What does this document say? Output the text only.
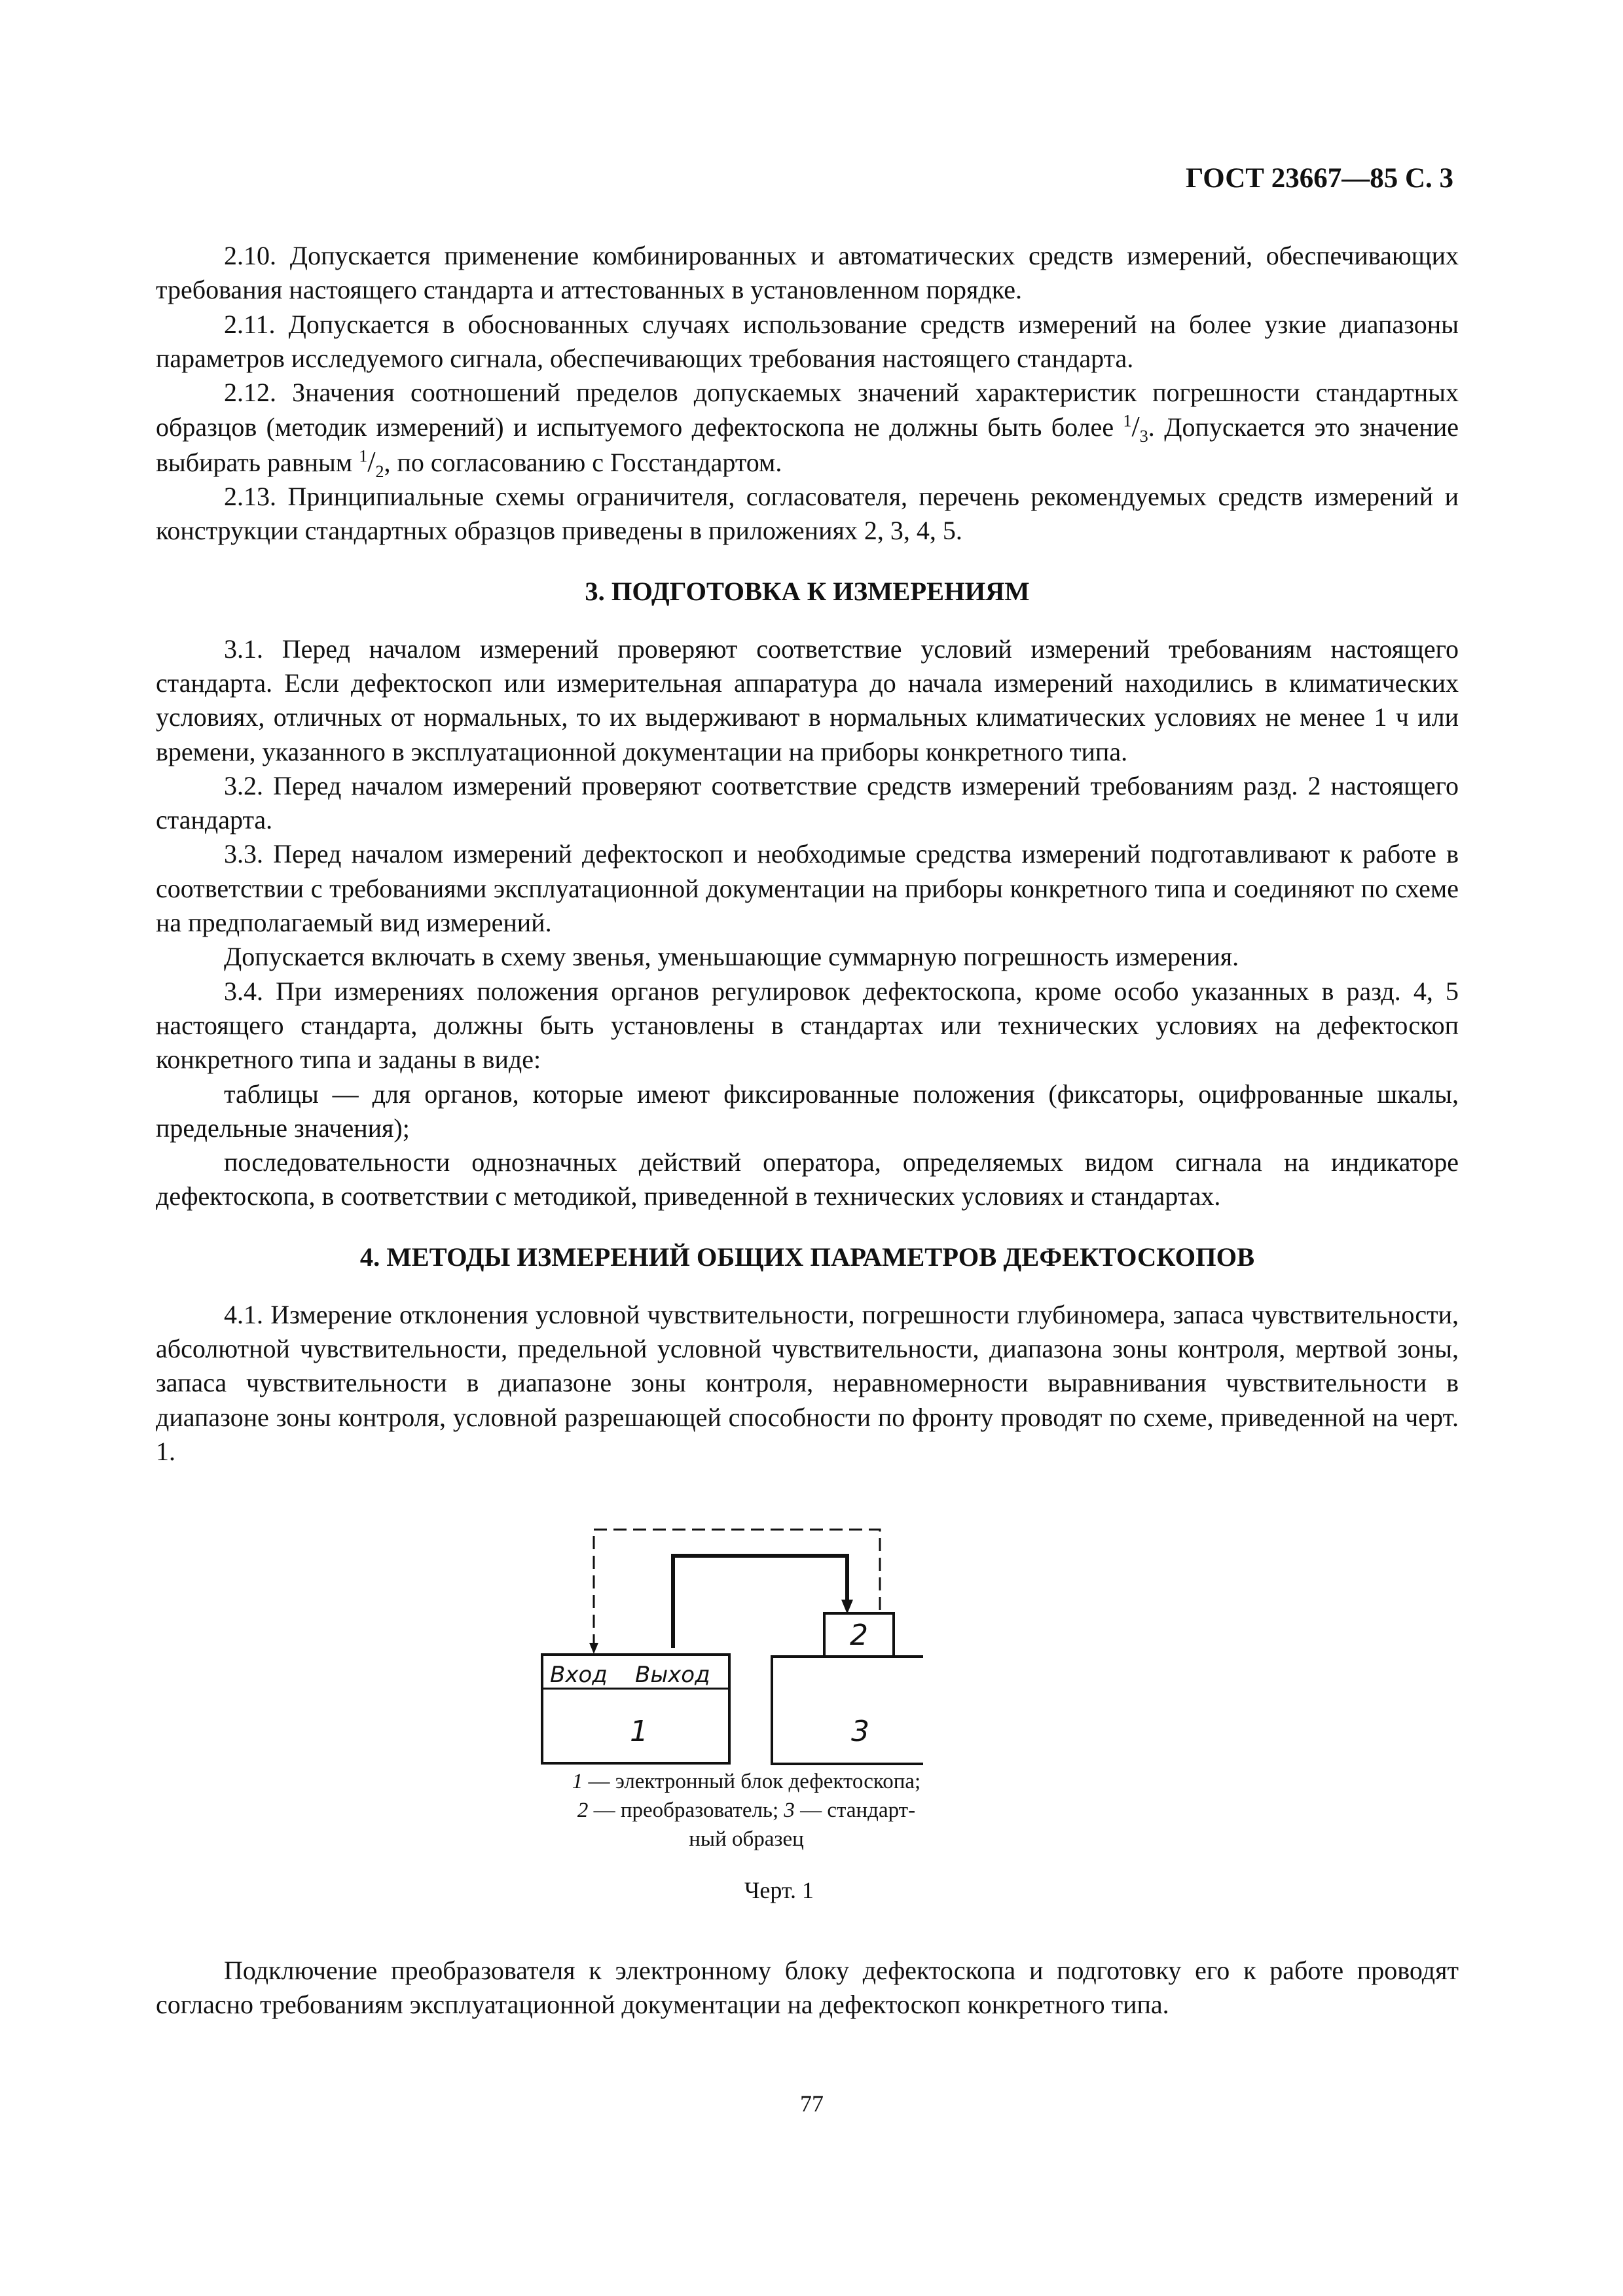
ГОСТ 23667—85 С. 3

2.10. Допускается применение комбинированных и автоматических средств измерений, обеспечивающих требования настоящего стандарта и аттестованных в установленном порядке.

2.11. Допускается в обоснованных случаях использование средств измерений на более узкие диапазоны параметров исследуемого сигнала, обеспечивающих требования настоящего стандарта.

2.12. Значения соотношений пределов допускаемых значений характеристик погрешности стандартных образцов (методик измерений) и испытуемого дефектоскопа не должны быть более $^1/_3$. Допускается это значение выбирать равным $^1/_2$, по согласованию с Госстандартом.

2.13. Принципиальные схемы ограничителя, согласователя, перечень рекомендуемых средств измерений и конструкции стандартных образцов приведены в приложениях 2, 3, 4, 5.

3. ПОДГОТОВКА К ИЗМЕРЕНИЯМ

3.1. Перед началом измерений проверяют соответствие условий измерений требованиям настоящего стандарта. Если дефектоскоп или измерительная аппаратура до начала измерений находились в климатических условиях, отличных от нормальных, то их выдерживают в нормальных климатических условиях не менее 1 ч или времени, указанного в эксплуатационной документации на приборы конкретного типа.

3.2. Перед началом измерений проверяют соответствие средств измерений требованиям разд. 2 настоящего стандарта.

3.3. Перед началом измерений дефектоскоп и необходимые средства измерений подготавливают к работе в соответствии с требованиями эксплуатационной документации на приборы конкретного типа и соединяют по схеме на предполагаемый вид измерений.

Допускается включать в схему звенья, уменьшающие суммарную погрешность измерения.

3.4. При измерениях положения органов регулировок дефектоскопа, кроме особо указанных в разд. 4, 5 настоящего стандарта, должны быть установлены в стандартах или технических условиях на дефектоскоп конкретного типа и заданы в виде:

таблицы — для органов, которые имеют фиксированные положения (фиксаторы, оцифрованные шкалы, предельные значения);

последовательности однозначных действий оператора, определяемых видом сигнала на индикаторе дефектоскопа, в соответствии с методикой, приведенной в технических условиях и стандартах.

4. МЕТОДЫ ИЗМЕРЕНИЙ ОБЩИХ ПАРАМЕТРОВ ДЕФЕКТОСКОПОВ

4.1. Измерение отклонения условной чувствительности, погрешности глубиномера, запаса чувствительности, абсолютной чувствительности, предельной условной чувствительности, диапазона зоны контроля, мертвой зоны, запаса чувствительности в диапазоне зоны контроля, неравномерности выравнивания чувствительности в диапазоне зоны контроля, условной разрешающей способности по фронту проводят по схеме, приведенной на черт. 1.

Вход Выход
1
2
3
1 — электронный блок дефектоскопа;
2 — преобразователь; 3 — стандарт-
ный образец
Черт. 1

Подключение преобразователя к электронному блоку дефектоскопа и подготовку его к работе проводят согласно требованиям эксплуатационной документации на дефектоскоп конкретного типа.

77
